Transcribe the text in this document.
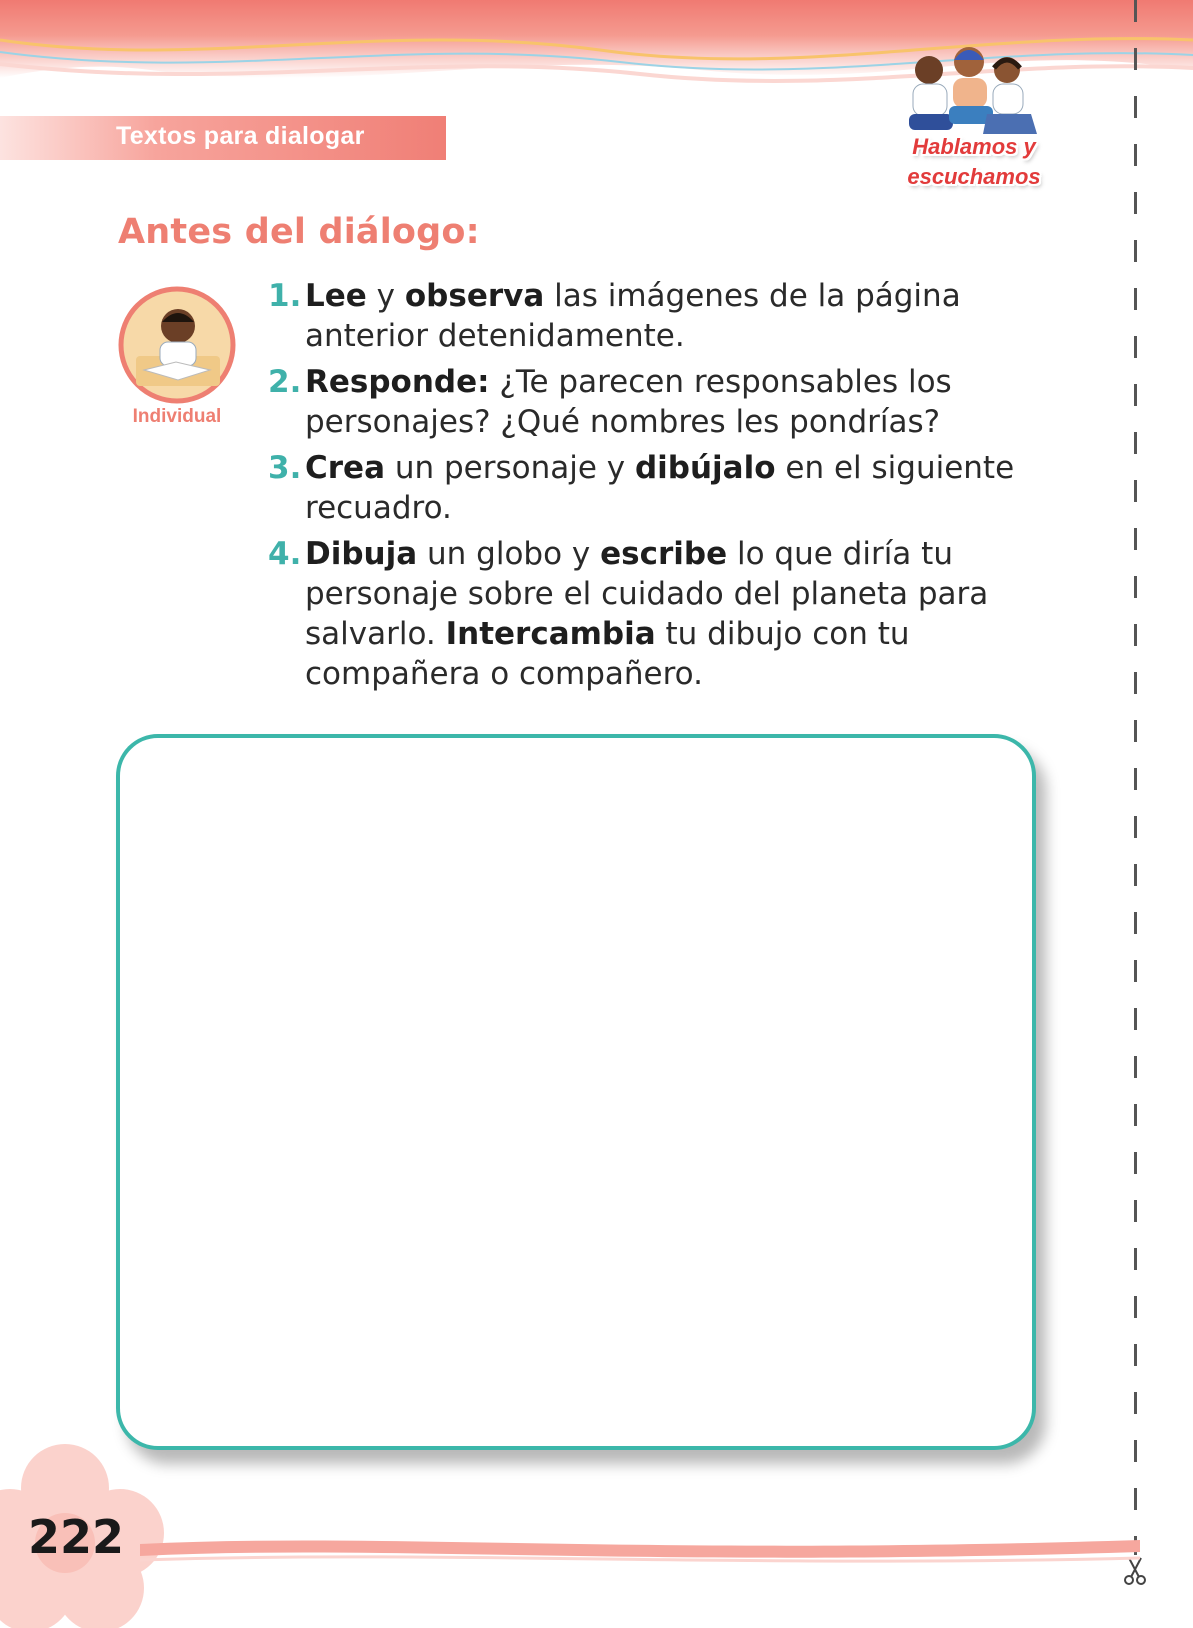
Textos para dialogar	Hablamos y
escuchamos
Antes del diálogo:
Individual
1. Lee y observa las imágenes de la página anterior detenidamente.
2. Responde: ¿Te parecen responsables los personajes? ¿Qué nombres les pondrías?
3. Crea un personaje y dibújalo en el siguiente recuadro.
4. Dibuja un globo y escribe lo que diría tu personaje sobre el cuidado del planeta para salvarlo. Intercambia tu dibujo con tu compañera o compañero.
222
